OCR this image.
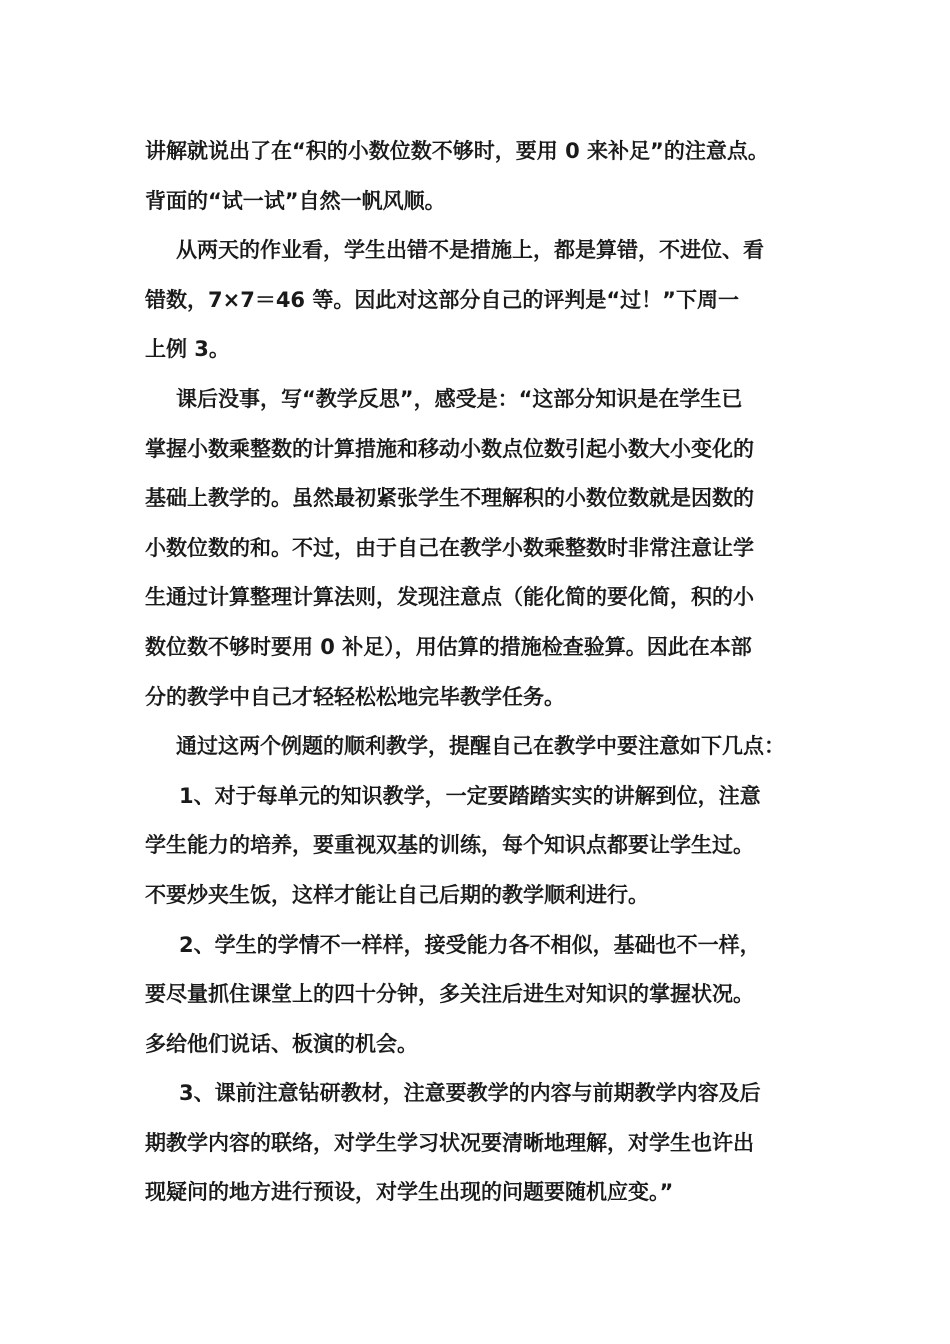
讲解就说出了在“积的小数位数不够时，要用 0 来补足”的注意点。
背面的“试一试”自然一帆风顺。
从两天的作业看，学生出错不是措施上，都是算错，不进位、看
错数，7×7＝46 等。因此对这部分自己的评判是“过！”下周一
上例 3。
课后没事，写“教学反思”，感受是：“这部分知识是在学生已
掌握小数乘整数的计算措施和移动小数点位数引起小数大小变化的
基础上教学的。虽然最初紧张学生不理解积的小数位数就是因数的
小数位数的和。不过，由于自己在教学小数乘整数时非常注意让学
生通过计算整理计算法则，发现注意点（能化简的要化简，积的小
数位数不够时要用 0 补足），用估算的措施检查验算。因此在本部
分的教学中自己才轻轻松松地完毕教学任务。
通过这两个例题的顺利教学，提醒自己在教学中要注意如下几点：
1、对于每单元的知识教学，一定要踏踏实实的讲解到位，注意
学生能力的培养，要重视双基的训练，每个知识点都要让学生过。
不要炒夹生饭，这样才能让自己后期的教学顺利进行。
2、学生的学情不一样样，接受能力各不相似，基础也不一样，
要尽量抓住课堂上的四十分钟，多关注后进生对知识的掌握状况。
多给他们说话、板演的机会。
3、课前注意钻研教材，注意要教学的内容与前期教学内容及后
期教学内容的联络，对学生学习状况要清晰地理解，对学生也许出
现疑问的地方进行预设，对学生出现的问题要随机应变。”
